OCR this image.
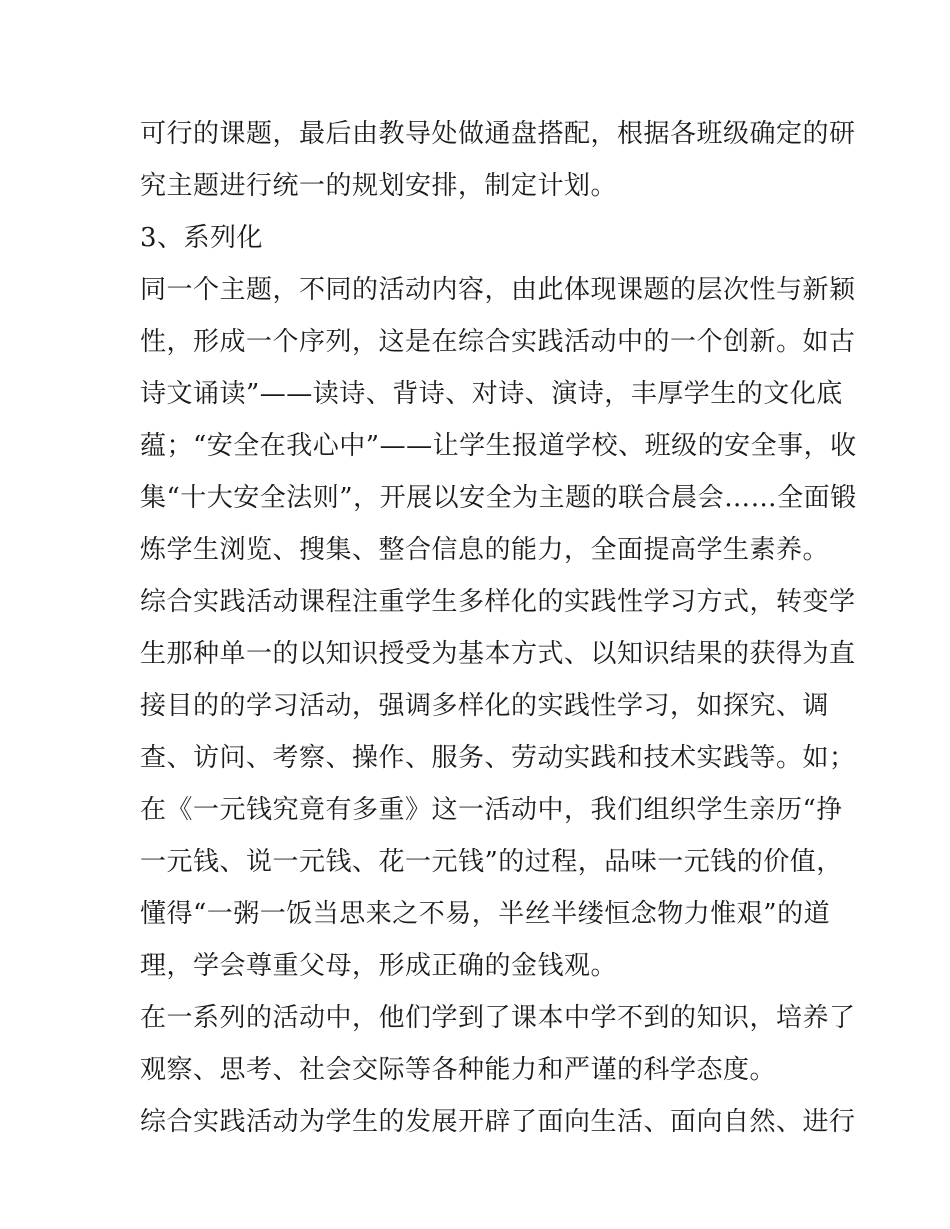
可行的课题，最后由教导处做通盘搭配，根据各班级确定的研
究主题进行统一的规划安排，制定计划。
3、系列化
同一个主题，不同的活动内容，由此体现课题的层次性与新颖
性，形成一个序列，这是在综合实践活动中的一个创新。如古
诗文诵读”——读诗、背诗、对诗、演诗，丰厚学生的文化底
蕴；“安全在我心中”——让学生报道学校、班级的安全事，收
集“十大安全法则”，开展以安全为主题的联合晨会……全面锻
炼学生浏览、搜集、整合信息的能力，全面提高学生素养。
综合实践活动课程注重学生多样化的实践性学习方式，转变学
生那种单一的以知识授受为基本方式、以知识结果的获得为直
接目的的学习活动，强调多样化的实践性学习，如探究、调
查、访问、考察、操作、服务、劳动实践和技术实践等。如；
在《一元钱究竟有多重》这一活动中，我们组织学生亲历“挣
一元钱、说一元钱、花一元钱”的过程，品味一元钱的价值，
懂得“一粥一饭当思来之不易，半丝半缕恒念物力惟艰”的道
理，学会尊重父母，形成正确的金钱观。
在一系列的活动中，他们学到了课本中学不到的知识，培养了
观察、思考、社会交际等各种能力和严谨的科学态度。
综合实践活动为学生的发展开辟了面向生活、面向自然、进行
